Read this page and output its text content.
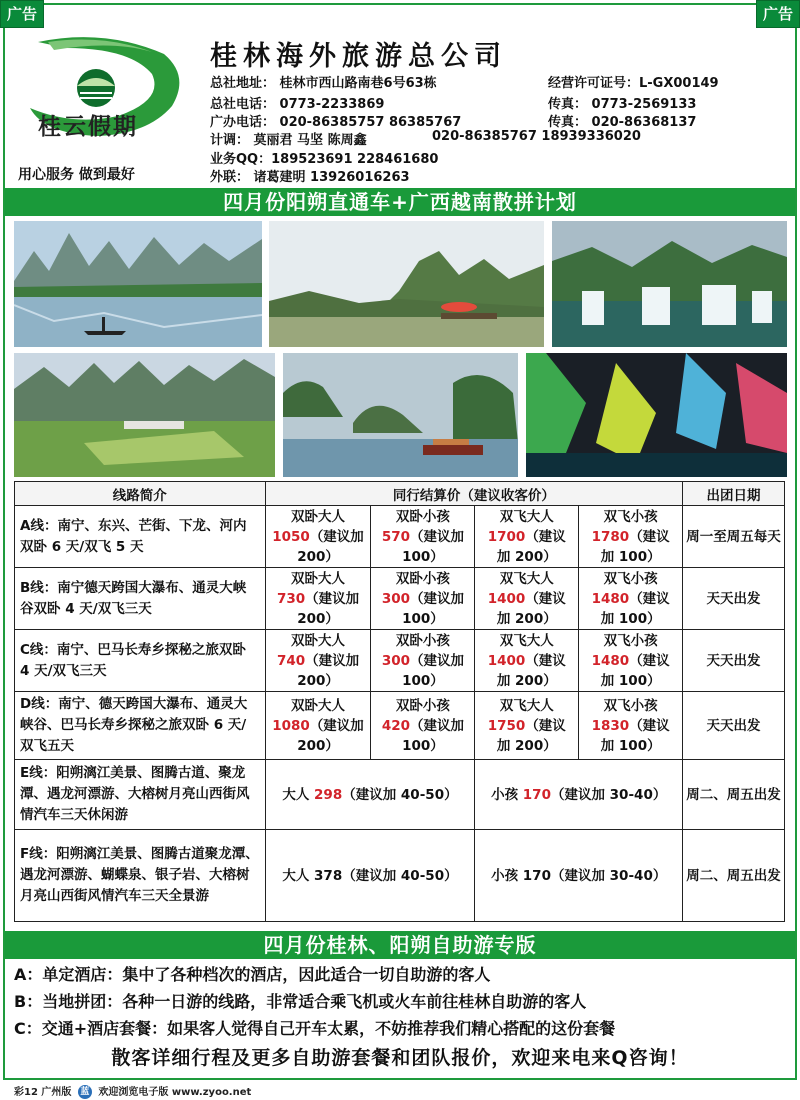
广告	广告
桂云假期
用心服务 做到最好
桂林海外旅游总公司
总社地址： 桂林市西山路南巷6号63栋	经营许可证号：L-GX00149
总社电话： 0773-2233869	传真： 0773-2569133
广办电话： 020-86385757 86385767	传真： 020-86368137
计调： 莫丽君 马坚 陈周鑫	020-86385767 18939336020
业务QQ：189523691 228461680
外联： 诸葛建明 13926016263
四月份阳朔直通车+广西越南散拼计划
线路简介	同行结算价（建议收客价）				出团日期
A线：南宁、东兴、芒街、下龙、河内双卧 6 天/双飞 5 天	双卧大人
1050（建议加
200）	双卧小孩
570（建议加
100）	双飞大人
1700（建议
加 200）	双飞小孩
1780（建议
加 100）	周一至周五每天
B线：南宁德天跨国大瀑布、通灵大峡谷双卧 4 天/双飞三天	双卧大人
730（建议加
200）	双卧小孩
300（建议加
100）	双飞大人
1400（建议
加 200）	双飞小孩
1480（建议
加 100）	天天出发
C线：南宁、巴马长寿乡探秘之旅双卧 4 天/双飞三天	双卧大人
740（建议加
200）	双卧小孩
300（建议加
100）	双飞大人
1400（建议
加 200）	双飞小孩
1480（建议
加 100）	天天出发
D线：南宁、德天跨国大瀑布、通灵大峡谷、巴马长寿乡探秘之旅双卧 6 天/双飞五天	双卧大人
1080（建议加
200）	双卧小孩
420（建议加
100）	双飞大人
1750（建议
加 200）	双飞小孩
1830（建议
加 100）	天天出发
E线：阳朔漓江美景、图腾古道、聚龙潭、遇龙河漂游、大榕树月亮山西街风情汽车三天休闲游	大人 298（建议加 40-50）		小孩 170（建议加 30-40）		周二、周五出发
F线：阳朔漓江美景、图腾古道聚龙潭、遇龙河漂游、蝴蝶泉、银子岩、大榕树月亮山西街风情汽车三天全景游	大人 378（建议加 40-50）		小孩 170（建议加 30-40）		周二、周五出发
四月份桂林、阳朔自助游专版
A：单定酒店：集中了各种档次的酒店，因此适合一切自助游的客人
B：当地拼团：各种一日游的线路，非常适合乘飞机或火车前往桂林自助游的客人
C：交通+酒店套餐：如果客人觉得自己开车太累，不妨推荐我们精心搭配的这份套餐
散客详细行程及更多自助游套餐和团队报价，欢迎来电来Q咨询！
彩12 广州版 蓝 欢迎浏览电子版 www.zyoo.net
